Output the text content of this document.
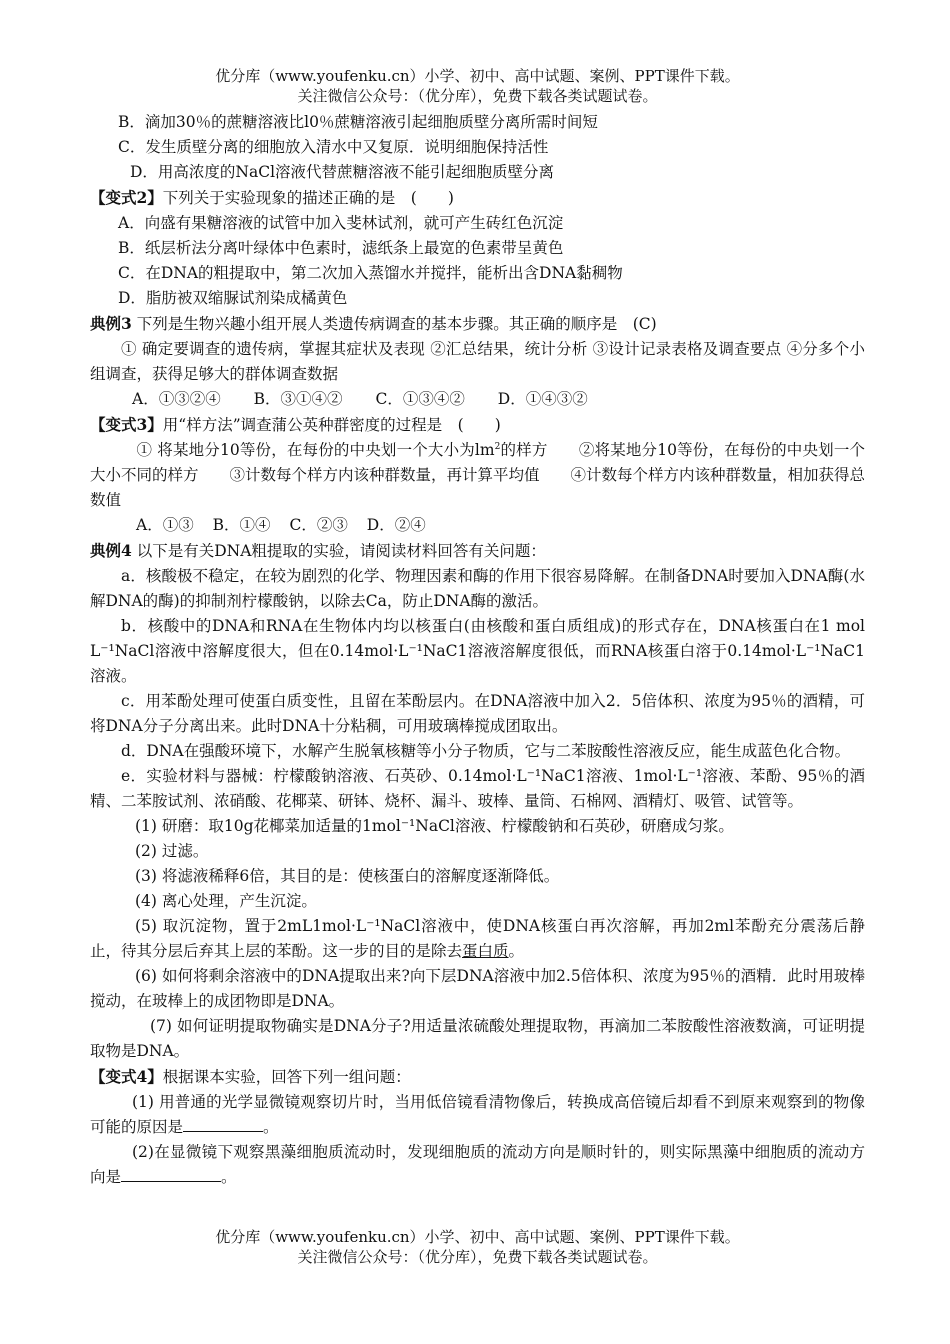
优分库（www.youfenku.cn）小学、初中、高中试题、案例、PPT课件下载。
关注微信公众号：（优分库），免费下载各类试题试卷。

B．滴加30％的蔗糖溶液比l0％蔗糖溶液引起细胞质壁分离所需时间短

C．发生质壁分离的细胞放入清水中又复原．说明细胞保持活性

D．用高浓度的NaCl溶液代替蔗糖溶液不能引起细胞质壁分离

【变式2】下列关于实验现象的描述正确的是　(　　)

A．向盛有果糖溶液的试管中加入斐林试剂，就可产生砖红色沉淀

B．纸层析法分离叶绿体中色素时，滤纸条上最宽的色素带呈黄色

C．在DNA的粗提取中，第二次加入蒸馏水并搅拌，能析出含DNA黏稠物

D．脂肪被双缩脲试剂染成橘黄色

典例3 下列是生物兴趣小组开展人类遗传病调查的基本步骤。其正确的顺序是　(C)

① 确定要调查的遗传病，掌握其症状及表现 ②汇总结果，统计分析 ③设计记录表格及调查要点 ④分多个小组调查，获得足够大的群体调查数据

A．①③②④ B．③①④② C．①③④② D．①④③②

【变式3】用“样方法”调查蒲公英种群密度的过程是　(　　)

① 将某地分10等份，在每份的中央划一个大小为$lm^2$的样方　　②将某地分10等份，在每份的中央划一个大小不同的样方　　③计数每个样方内该种群数量，再计算平均值　　④计数每个样方内该种群数量，相加获得总数值

A．①③ B．①④ C．②③ D．②④

典例4 以下是有关DNA粗提取的实验，请阅读材料回答有关问题：

a．核酸极不稳定，在较为剧烈的化学、物理因素和酶的作用下很容易降解。在制备DNA时要加入DNA酶(水解DNA的酶)的抑制剂柠檬酸钠，以除去Ca，防止DNA酶的激活。

b．核酸中的DNA和RNA在生物体内均以核蛋白(由核酸和蛋白质组成)的形式存在，DNA核蛋白在1 mol L⁻¹NaCl溶液中溶解度很大，但在0.14mol·L⁻¹NaC1溶液溶解度很低，而RNA核蛋白溶于0.14mol·L⁻¹NaC1溶液。

c．用苯酚处理可使蛋白质变性，且留在苯酚层内。在DNA溶液中加入2．5倍体积、浓度为95％的酒精，可将DNA分子分离出来。此时DNA十分粘稠，可用玻璃棒搅成团取出。

d．DNA在强酸环境下，水解产生脱氧核糖等小分子物质，它与二苯胺酸性溶液反应，能生成蓝色化合物。

e．实验材料与器械：柠檬酸钠溶液、石英砂、0.14mol·L⁻¹NaC1溶液、1mol·L⁻¹溶液、苯酚、95％的酒精、二苯胺试剂、浓硝酸、花椰菜、研钵、烧杯、漏斗、玻棒、量筒、石棉网、酒精灯、吸管、试管等。

(1) 研磨：取10g花椰菜加适量的1mol⁻¹NaCl溶液、柠檬酸钠和石英砂，研磨成匀浆。

(2) 过滤。

(3) 将滤液稀释6倍，其目的是：使核蛋白的溶解度逐渐降低。

(4) 离心处理，产生沉淀。

(5) 取沉淀物，置于2mL1mol·L⁻¹NaCl溶液中，使DNA核蛋白再次溶解，再加2ml苯酚充分震荡后静止，待其分层后弃其上层的苯酚。这一步的目的是除去蛋白质。

(6) 如何将剩余溶液中的DNA提取出来?向下层DNA溶液中加2.5倍体积、浓度为95％的酒精．此时用玻棒搅动，在玻棒上的成团物即是DNA。

(7) 如何证明提取物确实是DNA分子?用适量浓硫酸处理提取物，再滴加二苯胺酸性溶液数滴，可证明提取物是DNA。

【变式4】根据课本实验，回答下列一组问题：

(1) 用普通的光学显微镜观察切片时，当用低倍镜看清物像后，转换成高倍镜后却看不到原来观察到的物像可能的原因是	。

(2)在显微镜下观察黑藻细胞质流动时，发现细胞质的流动方向是顺时针的，则实际黑藻中细胞质的流动方向是	。

优分库（www.youfenku.cn）小学、初中、高中试题、案例、PPT课件下载。
关注微信公众号：（优分库），免费下载各类试题试卷。
